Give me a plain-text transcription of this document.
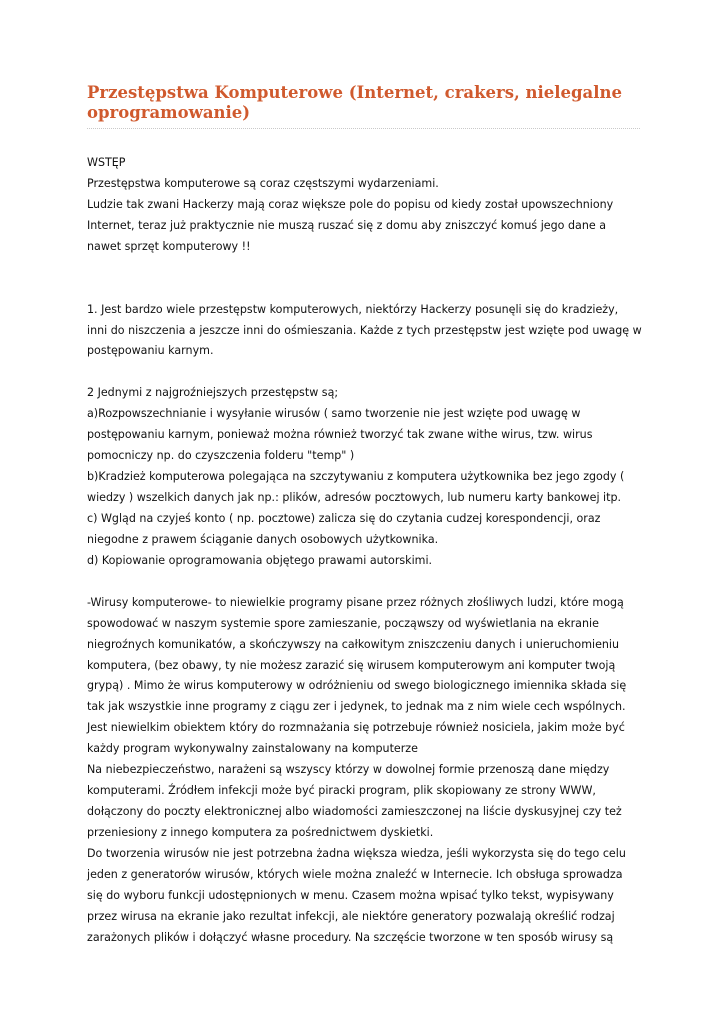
Przestępstwa Komputerowe (Internet, crakers, nielegalne oprogramowanie)
WSTĘP
Przestępstwa komputerowe są coraz częstszymi wydarzeniami.
Ludzie tak zwani Hackerzy mają coraz większe pole do popisu od kiedy został upowszechniony
Internet, teraz już praktycznie nie muszą ruszać się z domu aby zniszczyć komuś jego dane a
nawet sprzęt komputerowy !!
1. Jest bardzo wiele przestępstw komputerowych, niektórzy Hackerzy posunęli się do kradzieży,
inni do niszczenia a jeszcze inni do ośmieszania. Każde z tych przestępstw jest wzięte pod uwagę w
postępowaniu karnym.
2 Jednymi z najgroźniejszych przestępstw są;
a)Rozpowszechnianie i wysyłanie wirusów ( samo tworzenie nie jest wzięte pod uwagę w
postępowaniu karnym, ponieważ można również tworzyć tak zwane withe wirus, tzw. wirus
pomocniczy np. do czyszczenia folderu "temp" )
b)Kradzież komputerowa polegająca na szczytywaniu z komputera użytkownika bez jego zgody (
wiedzy ) wszelkich danych jak np.: plików, adresów pocztowych, lub numeru karty bankowej itp.
c) Wgląd na czyjeś konto ( np. pocztowe) zalicza się do czytania cudzej korespondencji, oraz
niegodne z prawem ściąganie danych osobowych użytkownika.
d) Kopiowanie oprogramowania objętego prawami autorskimi.
-Wirusy komputerowe- to niewielkie programy pisane przez różnych złośliwych ludzi, które mogą
spowodować w naszym systemie spore zamieszanie, począwszy od wyświetlania na ekranie
niegroźnych komunikatów, a skończywszy na całkowitym zniszczeniu danych i unieruchomieniu
komputera, (bez obawy, ty nie możesz zarazić się wirusem komputerowym ani komputer twoją
grypą) . Mimo że wirus komputerowy w odróżnieniu od swego biologicznego imiennika składa się
tak jak wszystkie inne programy z ciągu zer i jedynek, to jednak ma z nim wiele cech wspólnych.
Jest niewielkim obiektem który do rozmnażania się potrzebuje również nosiciela, jakim może być
każdy program wykonywalny zainstalowany na komputerze
Na niebezpieczeństwo, narażeni są wszyscy którzy w dowolnej formie przenoszą dane między
komputerami. Źródłem infekcji może być piracki program, plik skopiowany ze strony WWW,
dołączony do poczty elektronicznej albo wiadomości zamieszczonej na liście dyskusyjnej czy też
przeniesiony z innego komputera za pośrednictwem dyskietki.
Do tworzenia wirusów nie jest potrzebna żadna większa wiedza, jeśli wykorzysta się do tego celu
jeden z generatorów wirusów, których wiele można znaleźć w Internecie. Ich obsługa sprowadza
się do wyboru funkcji udostępnionych w menu. Czasem można wpisać tylko tekst, wypisywany
przez wirusa na ekranie jako rezultat infekcji, ale niektóre generatory pozwalają określić rodzaj
zarażonych plików i dołączyć własne procedury. Na szczęście tworzone w ten sposób wirusy są
